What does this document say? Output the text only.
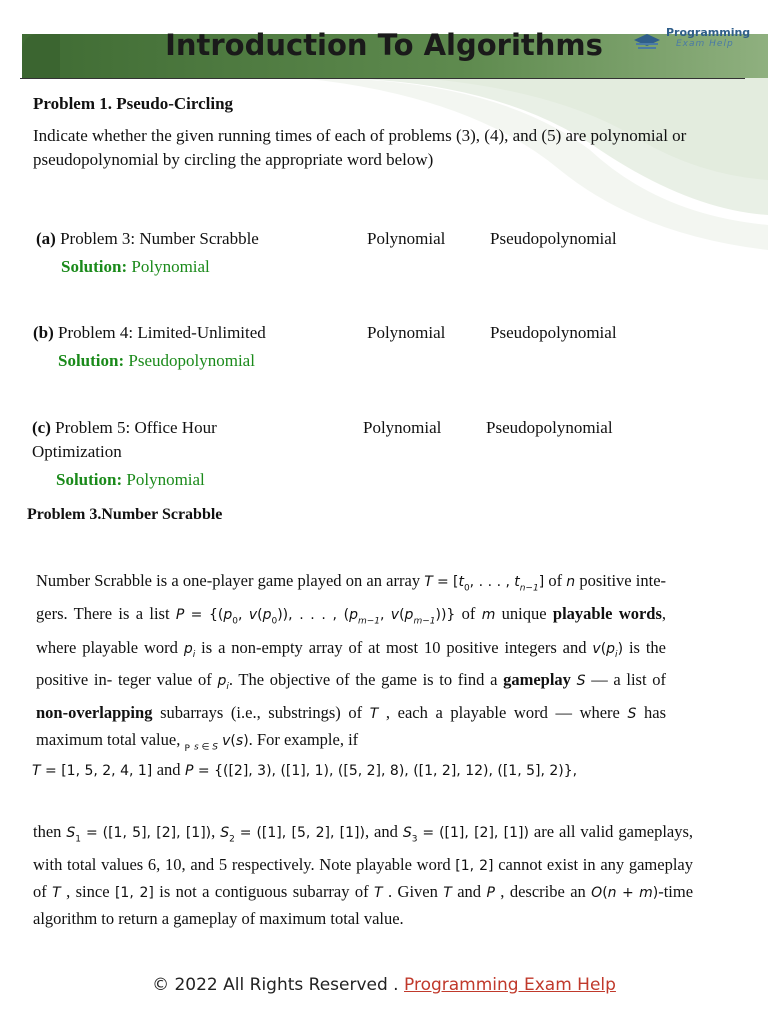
Introduction To Algorithms	Programming
Exam Help
Problem 1. Pseudo-Circling
Indicate whether the given running times of each of problems (3), (4), and (5) are polynomial or pseudopolynomial by circling the appropriate word below)
(a) Problem 3: Number Scrabble	Polynomial	Pseudopolynomial
Solution: Polynomial
(b) Problem 4: Limited-Unlimited	Polynomial	Pseudopolynomial
Solution: Pseudopolynomial
(c) Problem 5: Office Hour
Optimization
Polynomial	Pseudopolynomial
Solution: Polynomial
Problem 3.Number Scrabble
Number Scrabble is a one-player game played on an array $T = [t_0$, . . . , $t_{n-1}$] of n positive inte- gers. There is a list $P = \{(p_0$, $v(p_0)$), . . . , ($p_{m-1}$, $v(p_{m-1})$)} of m unique playable words, where playable word $p_i$ is a non-empty array of at most 10 positive integers and $v(p_i)$ is the positive in- teger value of $p_i$. The objective of the game is to find a gameplay S — a list of non-overlapping subarrays (i.e., substrings) of T , each a playable word — where S has maximum total value, $_P$ $_{s \in S}$ v(s). For example, if
T = [1, 5, 2, 4, 1] and P = {([2], 3), ([1], 1), ([5, 2], 8), ([1, 2], 12), ([1, 5], 2)},
then $S_1 = ([1$, 5], [2], [1]), $S_2 = ([1]$, [5, 2], [1]), and $S_3 = ([1]$, [2], [1]) are all valid gameplays, with total values 6, 10, and 5 respectively. Note playable word [1, 2] cannot exist in any gameplay of T , since [1, 2] is not a contiguous subarray of T . Given T and P , describe an O(n + m)-time algorithm to return a gameplay of maximum total value.
© 2022 All Rights Reserved . Programming Exam Help
